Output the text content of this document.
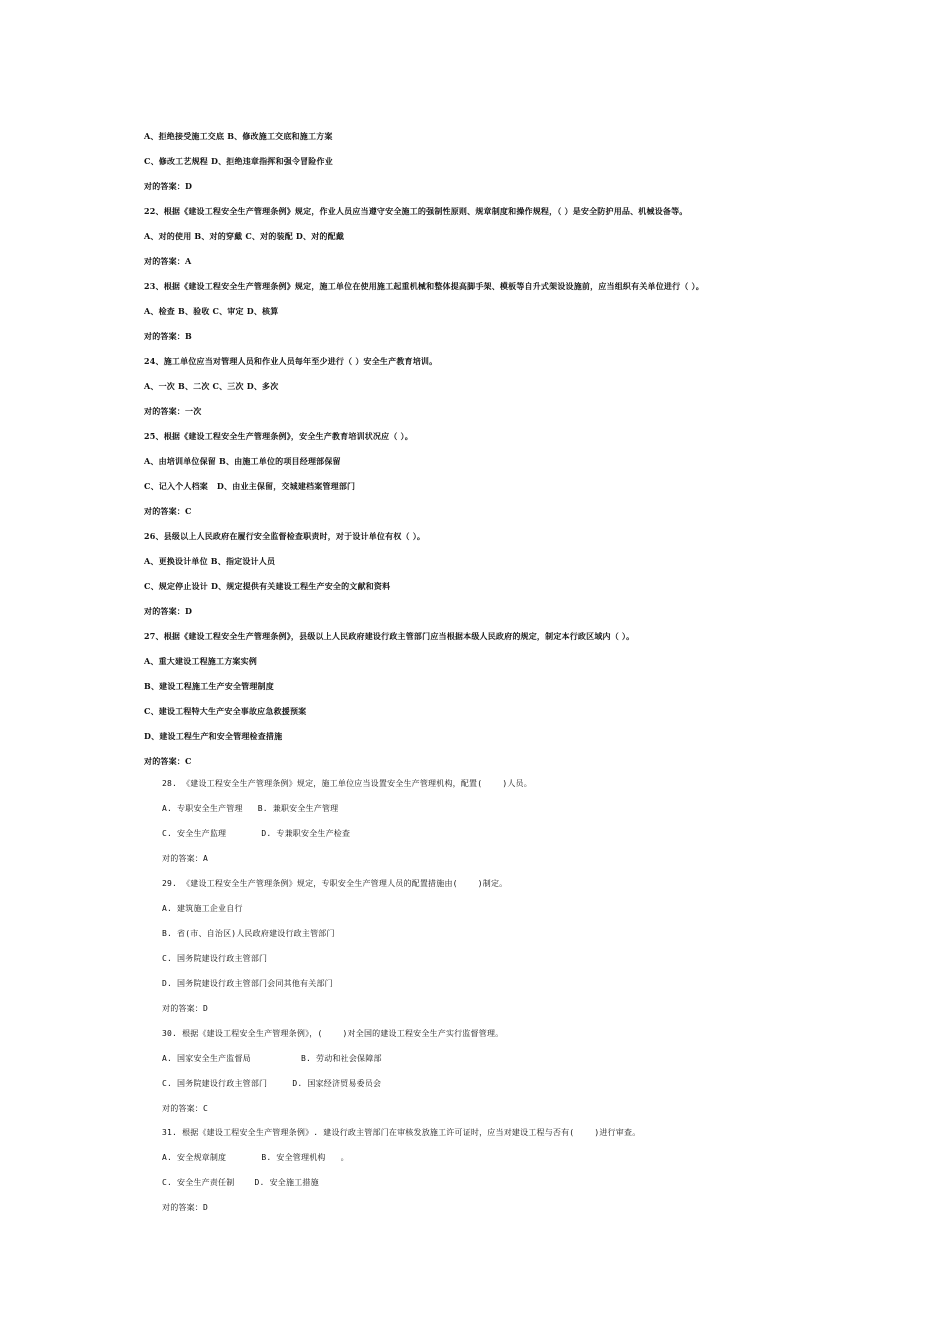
A、拒绝接受施工交底 B、修改施工交底和施工方案
C、修改工艺规程 D、拒绝违章指挥和强令冒险作业
对的答案：D
22、根据《建设工程安全生产管理条例》规定，作业人员应当遵守安全施工的强制性原则、规章制度和操作规程，（ ）是安全防护用品、机械设备等。
A、对的使用 B、对的穿戴 C、对的装配 D、对的配戴
对的答案：A
23、根据《建设工程安全生产管理条例》规定，施工单位在使用施工起重机械和整体提高脚手架、模板等自升式架设设施前，应当组织有关单位进行（ ）。
A、检查 B、验收 C、审定 D、核算
对的答案：B
24、施工单位应当对管理人员和作业人员每年至少进行（ ）安全生产教育培训。
A、一次 B、二次 C、三次 D、多次
对的答案：一次
25、根据《建设工程安全生产管理条例》，安全生产教育培训状况应（ ）。
A、由培训单位保留 B、由施工单位的项目经理部保留
C、记入个人档案   D、由业主保留，交城建档案管理部门
对的答案：C
26、县级以上人民政府在履行安全监督检查职责时，对于设计单位有权（ ）。
A、更换设计单位 B、指定设计人员
C、规定停止设计 D、规定提供有关建设工程生产安全的文献和资料
对的答案：D
27、根据《建设工程安全生产管理条例》，县级以上人民政府建设行政主管部门应当根据本级人民政府的规定，制定本行政区域内（ ）。
A、重大建设工程施工方案实例
B、建设工程施工生产安全管理制度
C、建设工程特大生产安全事故应急救援预案
D、建设工程生产和安全管理检查措施
对的答案：C
28. 《建设工程安全生产管理条例》规定，施工单位应当设置安全生产管理机构，配置(    )人员。
A. 专职安全生产管理   B. 兼职安全生产管理
C. 安全生产监理       D. 专兼职安全生产检查
对的答案：A
29. 《建设工程安全生产管理条例》规定，专职安全生产管理人员的配置措施由(    )制定。
A. 建筑施工企业自行
B. 省(市、自治区)人民政府建设行政主管部门
C. 国务院建设行政主管部门
D. 国务院建设行政主管部门会同其他有关部门
对的答案：D
30. 根据《建设工程安全生产管理条例》，(    )对全国的建设工程安全生产实行监督管理。
A. 国家安全生产监督局          B. 劳动和社会保障部
C. 国务院建设行政主管部门     D. 国家经济贸易委员会
对的答案：C
31. 根据《建设工程安全生产管理条例》. 建设行政主管部门在审核发放施工许可证时，应当对建设工程与否有(    )进行审查。
A. 安全规章制度       B. 安全管理机构   。
C. 安全生产责任制    D. 安全施工措施
对的答案：D
